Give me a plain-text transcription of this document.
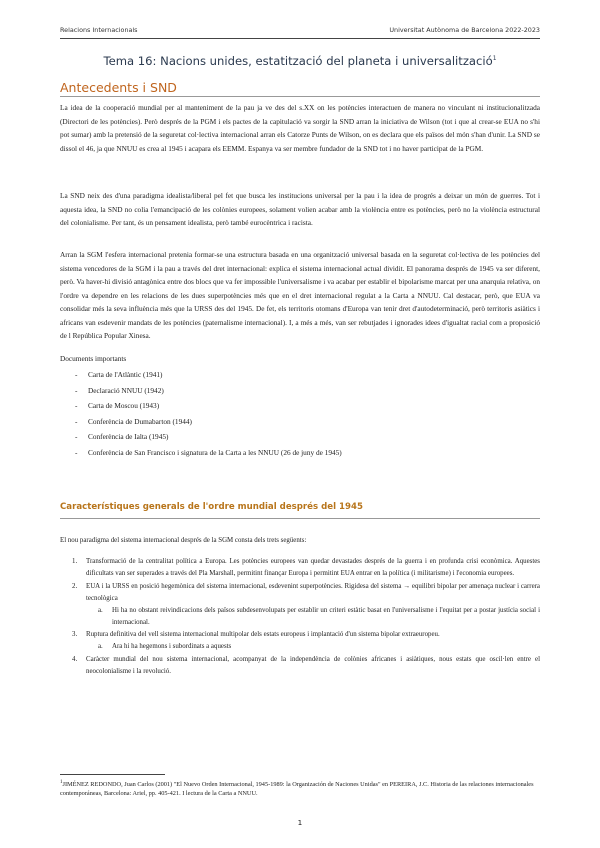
Relacions Internacionals	Universitat Autònoma de Barcelona 2022-2023
Tema 16: Nacions unides, estatització del planeta i universalització$^1$
Antecedents i SND

La idea de la cooperació mundial per al manteniment de la pau ja ve des del s.XX on les potències interactuen de manera no vinculant ni institucionalitzada (Directori de les potències). Però després de la PGM i els pactes de la capitulació va sorgir la SND arran la iniciativa de Wilson (tot i que al crear-se EUA no s'hi pot sumar) amb la pretensió de la seguretat col·lectiva internacional arran els Catorze Punts de Wilson, on es declara que els països del món s'han d'unir. La SND se dissol el 46, ja que NNUU es crea al 1945 i acapara els EEMM. Espanya va ser membre fundador de la SND tot i no haver participat de la PGM.

La SND neix des d'una paradigma idealista/liberal pel fet que busca les institucions universal per la pau i la idea de progrés a deixar un món de guerres. Tot i aquesta idea, la SND no colia l'emancipació de les colònies europees, solament volien acabar amb la violència entre es potències, però no la violència estructural del colonialisme. Per tant, és un pensament idealista, però també eurocèntrica i racista.

Arran la SGM l'esfera internacional pretenia formar-se una estructura basada en una organització universal basada en la seguretat col·lectiva de les potències del sistema vencedores de la SGM i la pau a través del dret internacional: explica el sistema internacional actual dividit. El panorama després de 1945 va ser diferent, però. Va haver-hi divisió antagònica entre dos blocs que va fer impossible l'universalisme i va acabar per establir el bipolarisme marcat per una anarquia relativa, on l'ordre va dependre en les relacions de les dues superpotències més que en el dret internacional regulat a la Carta a NNUU. Cal destacar, però, que EUA va consolidar més la seva influència més que la URSS des del 1945. De fet, els territoris otomans d'Europa van tenir dret d'autodeterminació, però territoris asiàtics i africans van esdevenir mandats de les potències (paternalisme internacional). I, a més a més, van ser rebutjades i ignorades idees d'igualtat racial com a proposició de l República Popular Xinesa.

Documents importants
- Carta de l'Atlàntic (1941)
- Declaració NNUU (1942)
- Carta de Moscou (1943)
- Conferència de Dumabarton (1944)
- Conferència de Ialta (1945)
- Conferència de San Francisco i signatura de la Carta a les NNUU (26 de juny de 1945)
Característiques generals de l'ordre mundial després del 1945
El nou paradigma del sistema internacional després de la SGM consta dels trets següents:
1. Transformació de la centralitat política a Europa. Les potències europees van quedar devastades després de la guerra i en profunda crisi econòmica. Aquestes dificultats van ser superades a través del Pla Marshall, permitint finançar Europa i permitint EUA entrar en la política (i militarisme) i l'economia europees.
2. EUA i la URSS en posició hegemònica del sistema internacional, esdevenint superpotències. Rigidesa del sistema → equilibri bipolar per amenaça nuclear i carrera tecnològica
a. Hi ha no obstant reivindicacions dels països subdesenvolupats per establir un criteri estàtic basat en l'universalisme i l'equitat per a postar justícia social i internacional.
3. Ruptura definitiva del vell sistema internacional multipolar dels estats europeus i implantació d'un sistema bipolar extraeuropeu.
a. Ara hi ha hegemons i subordinats a aquests
4. Caràcter mundial del nou sistema internacional, acompanyat de la independència de colònies africanes i asiàtiques, nous estats que oscil·len entre el neocolonialisme i la revolució.

$^1$JIMÉNEZ REDONDO, Juan Carlos (2001) "El Nuevo Orden Internacional, 1945-1989: la Organización de Naciones Unidas" en PEREIRA, J.C. Historia de las relaciones internacionales contemporáneas, Barcelona: Ariel, pp. 405-421. I lectura de la Carta a NNUU.

1
